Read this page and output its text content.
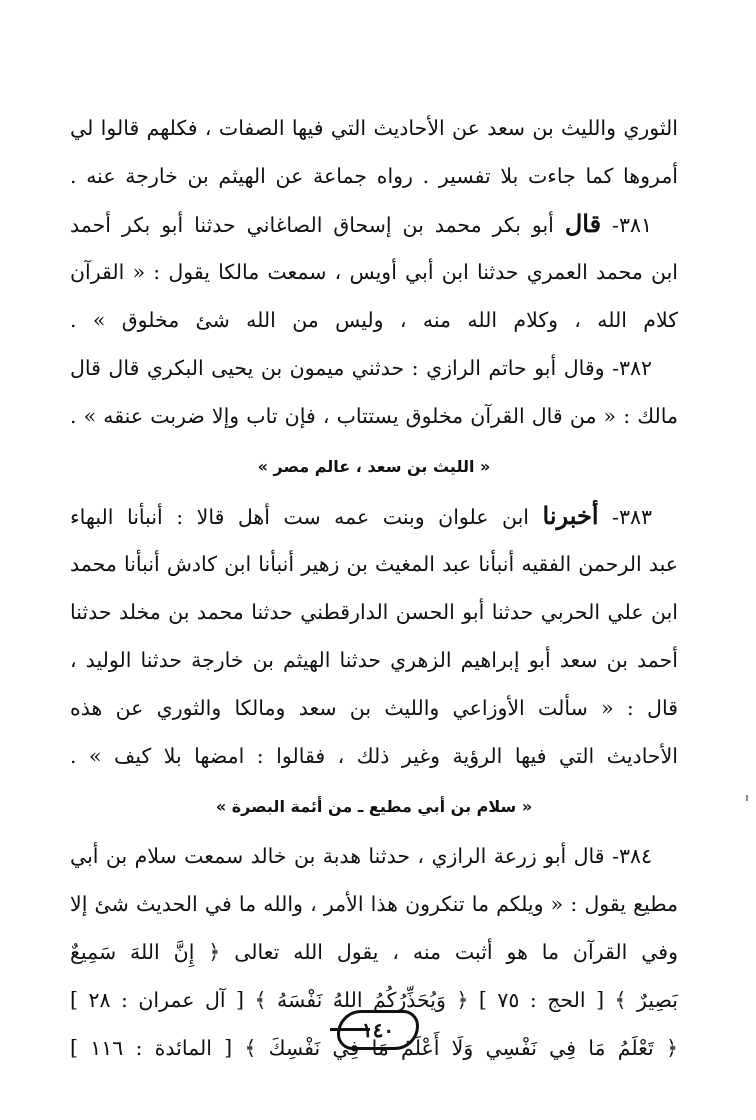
الثوري والليث بن سعد عن الأحاديث التي فيها الصفات ، فكلهم قالوا لي
أمروها كما جاءت بلا تفسير . رواه جماعة عن الهيثم بن خارجة عنه .
٣٨١- قال أبو بكر محمد بن إسحاق الصاغاني حدثنا أبو بكر أحمد
ابن محمد العمري حدثنا ابن أبي أويس ، سمعت مالكا يقول : « القرآن
كلام الله ، وكلام الله منه ، وليس من الله شئ مخلوق » .
٣٨٢- وقال أبو حاتم الرازي : حدثني ميمون بن يحيى البكري قال قال
مالك : « من قال القرآن مخلوق يستتاب ، فإن تاب وإلا ضربت عنقه » .
« الليث بن سعد ، عالم مصر »
٣٨٣- أخبرنا ابن علوان وبنت عمه ست أهل قالا : أنبأنا البهاء
عبد الرحمن الفقيه أنبأنا عبد المغيث بن زهير أنبأنا ابن كادش أنبأنا محمد
ابن علي الحربي حدثنا أبو الحسن الدارقطني حدثنا محمد بن مخلد حدثنا
أحمد بن سعد أبو إبراهيم الزهري حدثنا الهيثم بن خارجة حدثنا الوليد ،
قال : « سألت الأوزاعي والليث بن سعد ومالكا والثوري عن هذه
الأحاديث التي فيها الرؤية وغير ذلك ، فقالوا : امضها بلا كيف » .
« سلام بن أبي مطيع ـ من أئمة البصرة »
٣٨٤- قال أبو زرعة الرازي ، حدثنا هدبة بن خالد سمعت سلام بن أبي
مطيع يقول : « ويلكم ما تنكرون هذا الأمر ، والله ما في الحديث شئ إلا
وفي القرآن ما هو أثبت منه ، يقول الله تعالى ﴿ إِنَّ اللهَ سَمِيعٌ
بَصِيرٌ ﴾ [ الحج : ٧٥ ] ﴿ وَيُحَذِّرُكُمُ اللهُ نَفْسَهُ ﴾ [ آل عمران : ٢٨ ]
﴿ تَعْلَمُ مَا فِي نَفْسِي وَلَا أَعْلَمُ مَا فِي نَفْسِكَ ﴾ [ المائدة : ١١٦ ]
١٤٠
